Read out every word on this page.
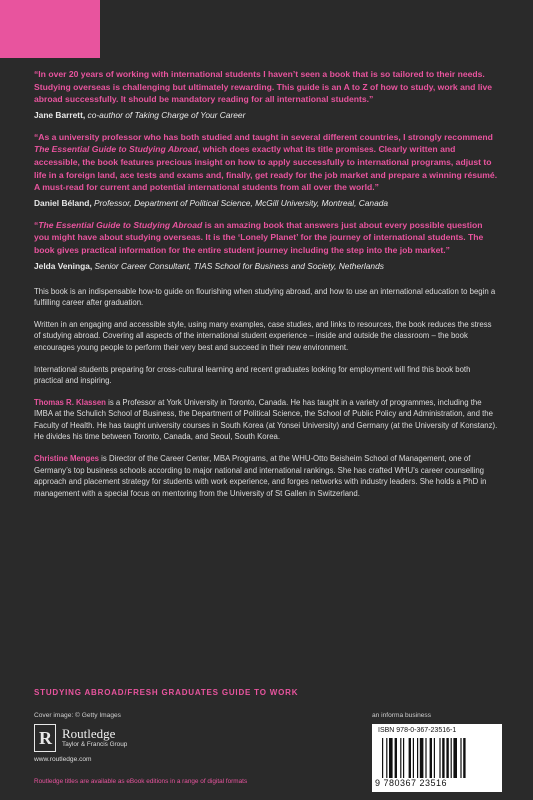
“In over 20 years of working with international students I haven’t seen a book that is so tailored to their needs. Studying overseas is challenging but ultimately rewarding. This guide is an A to Z of how to study, work and live abroad successfully. It should be mandatory reading for all international students.”

Jane Barrett, co-author of Taking Charge of Your Career

“As a university professor who has both studied and taught in several different countries, I strongly recommend The Essential Guide to Studying Abroad, which does exactly what its title promises. Clearly written and accessible, the book features precious insight on how to apply successfully to international programs, adjust to life in a foreign land, ace tests and exams and, finally, get ready for the job market and prepare a winning résumé. A must-read for current and potential international students from all over the world.”

Daniel Béland, Professor, Department of Political Science, McGill University, Montreal, Canada

“The Essential Guide to Studying Abroad is an amazing book that answers just about every possible question you might have about studying overseas. It is the ‘Lonely Planet’ for the journey of international students. The book gives practical information for the entire student journey including the step into the job market.”

Jelda Veninga, Senior Career Consultant, TIAS School for Business and Society, Netherlands

This book is an indispensable how-to guide on flourishing when studying abroad, and how to use an international education to begin a fulfilling career after graduation.

Written in an engaging and accessible style, using many examples, case studies, and links to resources, the book reduces the stress of studying abroad. Covering all aspects of the international student experience – inside and outside the classroom – the book encourages young people to perform their very best and succeed in their new environment.

International students preparing for cross-cultural learning and recent graduates looking for employment will find this book both practical and inspiring.

Thomas R. Klassen is a Professor at York University in Toronto, Canada. He has taught in a variety of programmes, including the IMBA at the Schulich School of Business, the Department of Political Science, the School of Public Policy and Administration, and the Faculty of Health. He has taught university courses in South Korea (at Yonsei University) and Germany (at the University of Konstanz). He divides his time between Toronto, Canada, and Seoul, South Korea.

Christine Menges is Director of the Career Center, MBA Programs, at the WHU-Otto Beisheim School of Management, one of Germany’s top business schools according to major national and international rankings. She has crafted WHU’s career counselling approach and placement strategy for students with work experience, and forges networks with industry leaders. She holds a PhD in management with a special focus on mentoring from the University of St Gallen in Switzerland.

STUDYING ABROAD/FRESH GRADUATES GUIDE TO WORK
Cover image: © Getty Images	an informa business
R Routledge
Taylor & Francis Group
www.routledge.com
Routledge titles are available as eBook editions in a range of digital formats
ISBN 978-0-367-23516-1
9 780367 23516
